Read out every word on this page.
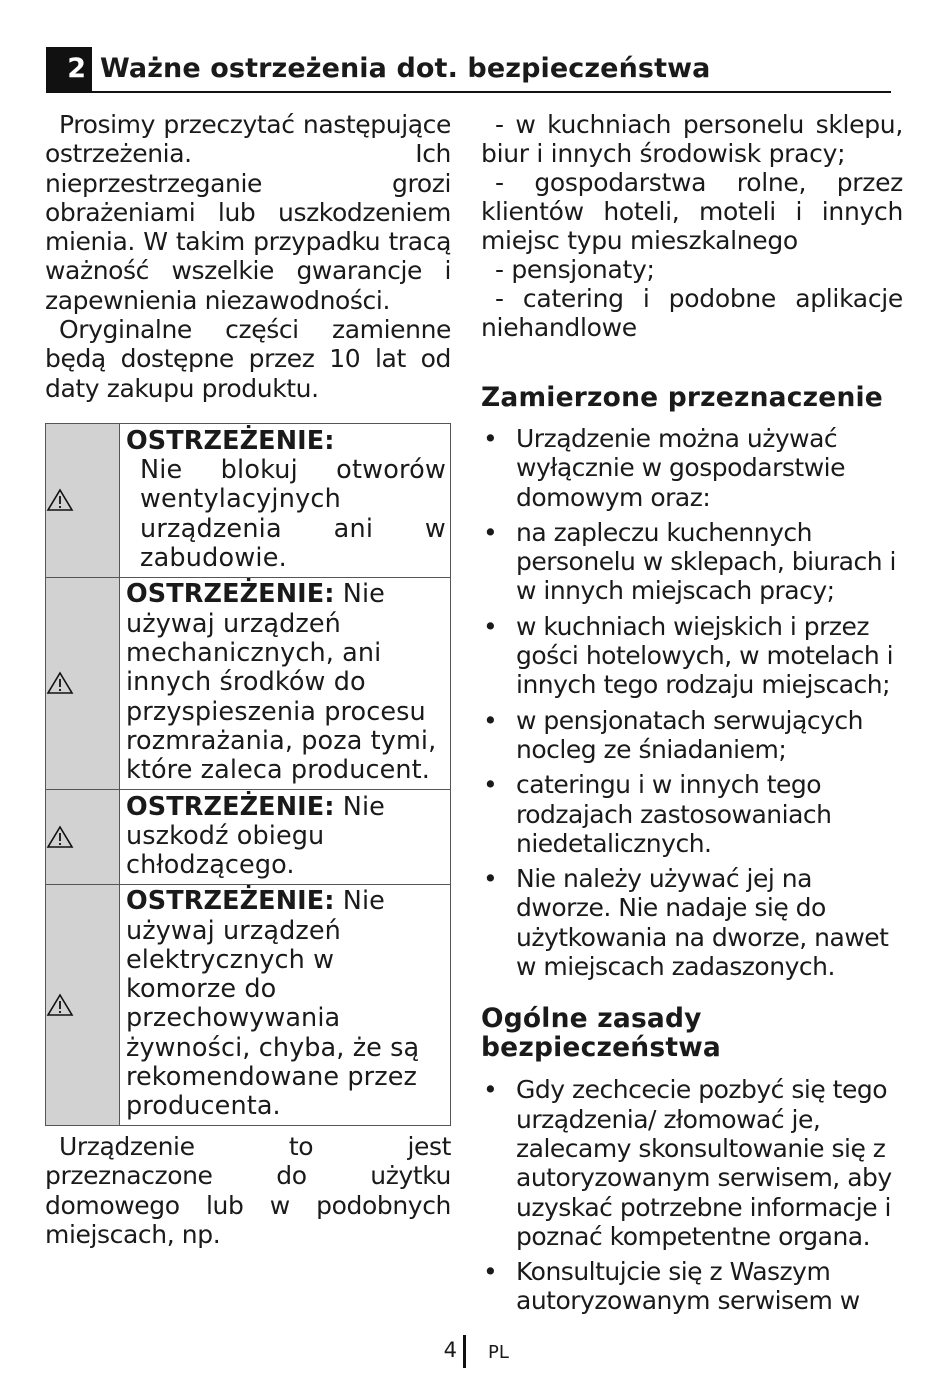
2 Ważne ostrzeżenia dot. bezpieczeństwa

Prosimy przeczytać następujące ostrzeżenia. Ich nieprzestrzeganie grozi obrażeniami lub uszkodzeniem mienia. W takim przypadku tracą ważność wszelkie gwarancje i zapewnienia niezawodności.

Oryginalne części zamienne będą dostępne przez 10 lat od daty zakupu produktu.

OSTRZEŻENIE:
Nie blokuj otworów wentylacyjnych urządzenia ani w zabudowie.

	OSTRZEŻENIE: Nie używaj urządzeń mechanicznych, ani innych środków do przyspieszenia procesu rozmrażania, poza tymi, które zaleca producent.

	OSTRZEŻENIE: Nie uszkodź obiegu chłodzącego.

	OSTRZEŻENIE: Nie używaj urządzeń elektrycznych w komorze do przechowywania żywności, chyba, że są rekomendowane przez producenta.

Urządzenie to jest przeznaczone do użytku domowego lub w podobnych miejscach, np.

- w kuchniach personelu sklepu, biur i innych środowisk pracy;

- gospodarstwa rolne, przez klientów hoteli, moteli i innych miejsc typu mieszkalnego

- pensjonaty;

- catering i podobne aplikacje niehandlowe

Zamierzone przeznaczenie
• Urządzenie można używać wyłącznie w gospodarstwie domowym oraz:
• na zapleczu kuchennych personelu w sklepach, biurach i w innych miejscach pracy;
• w kuchniach wiejskich i przez gości hotelowych, w motelach i innych tego rodzaju miejscach;
• w pensjonatach serwujących nocleg ze śniadaniem;
• cateringu i w innych tego rodzajach zastosowaniach niedetalicznych.
• Nie należy używać jej na dworze. Nie nadaje się do użytkowania na dworze, nawet w miejscach zadaszonych.
Ogólne zasady
bezpieczeństwa
• Gdy zechcecie pozbyć się tego urządzenia/ złomować je, zalecamy skonsultowanie się z autoryzowanym serwisem, aby uzyskać potrzebne informacje i poznać kompetentne organa.
• Konsultujcie się z Waszym autoryzowanym serwisem w
4 PL
